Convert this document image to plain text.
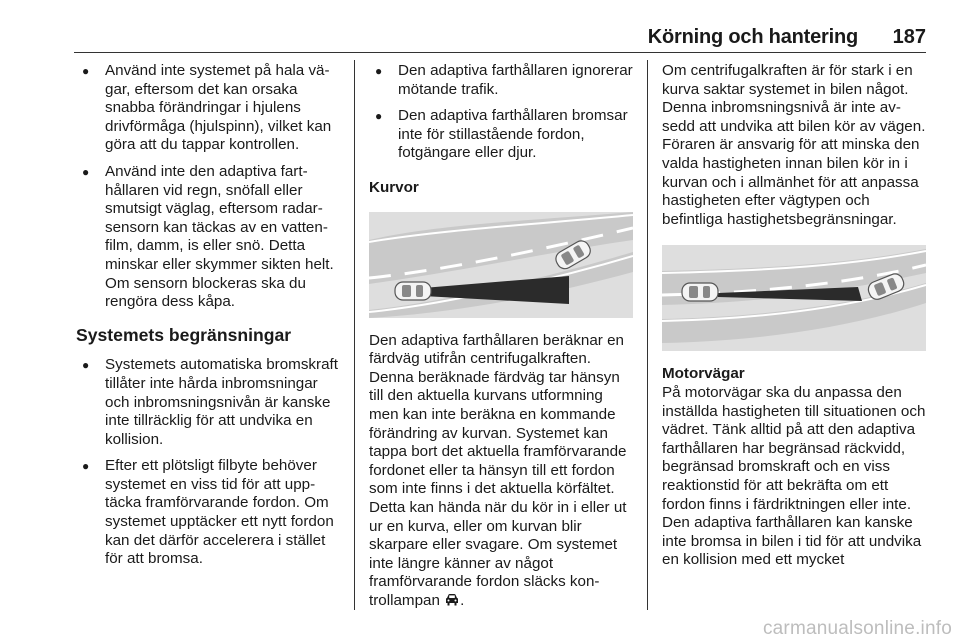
Körning och hantering 187
● Använd inte systemet på hala vägar, eftersom det kan orsaka snabba förändringar i hjulens drivförmåga (hjulspinn), vilket kan göra att du tappar kontrollen.
● Använd inte den adaptiva farthållaren vid regn, snöfall eller smutsigt väglag, eftersom radarsensorn kan täckas av en vattenfilm, damm, is eller snö. Detta minskar eller skymmer sikten helt. Om sensorn blockeras ska du rengöra dess kåpa.
Systemets begränsningar
● Systemets automatiska bromskraft tillåter inte hårda inbromsningar och inbromsningsnivån är kanske inte tillräcklig för att undvika en kollision.
● Efter ett plötsligt filbyte behöver systemet en viss tid för att upptäcka framförvarande fordon. Om systemet upptäcker ett nytt fordon kan det därför accelerera i stället för att bromsa.
● Den adaptiva farthållaren ignorerar mötande trafik.
● Den adaptiva farthållaren bromsar inte för stillastående fordon, fotgängare eller djur.
Kurvor

Den adaptiva farthållaren beräknar en färdväg utifrån centrifugalkraften. Denna beräknade färdväg tar hänsyn till den aktuella kurvans utformning men kan inte beräkna en kommande förändring av kurvan. Systemet kan tappa bort det aktuella framförvarande fordonet eller ta hänsyn till ett fordon som inte finns i det aktuella körfältet. Detta kan hända när du kör in i eller ut ur en kurva, eller om kurvan blir skarpare eller svagare. Om systemet inte längre känner av något framförvarande fordon släcks kontrollampan .

Om centrifugalkraften är för stark i en kurva saktar systemet in bilen något. Denna inbromsningsnivå är inte avsedd att undvika att bilen kör av vägen. Föraren är ansvarig för att minska den valda hastigheten innan bilen kör in i kurvan och i allmänhet för att anpassa hastigheten efter vägtypen och befintliga hastighetsbegränsningar.

Motorvägar

På motorvägar ska du anpassa den inställda hastigheten till situationen och vädret. Tänk alltid på att den adaptiva farthållaren har begränsad räckvidd, begränsad bromskraft och en viss reaktionstid för att bekräfta om ett fordon finns i färdriktningen eller inte. Den adaptiva farthållaren kan kanske inte bromsa in bilen i tid för att undvika en kollision med ett mycket

carmanualsonline.info
